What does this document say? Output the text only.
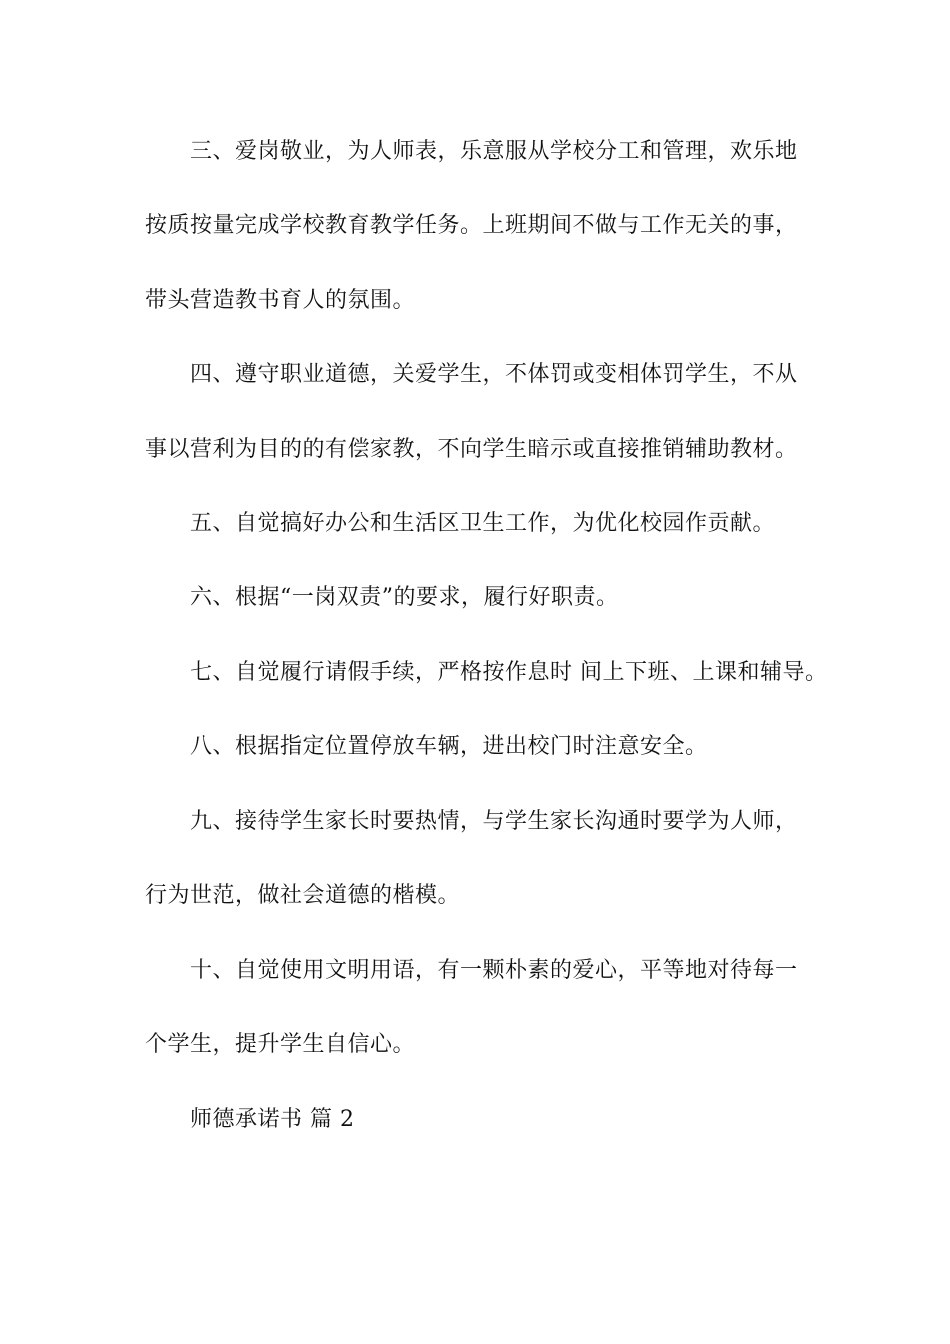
三、爱岗敬业，为人师表，乐意服从学校分工和管理，欢乐地
按质按量完成学校教育教学任务。上班期间不做与工作无关的事，
带头营造教书育人的氛围。
四、遵守职业道德，关爱学生，不体罚或变相体罚学生，不从
事以营利为目的的有偿家教，不向学生暗示或直接推销辅助教材。
五、自觉搞好办公和生活区卫生工作，为优化校园作贡献。
六、根据“一岗双责”的要求，履行好职责。
七、自觉履行请假手续，严格按作息时 间上下班、上课和辅导。
八、根据指定位置停放车辆，进出校门时注意安全。
九、接待学生家长时要热情，与学生家长沟通时要学为人师，
行为世范，做社会道德的楷模。
十、自觉使用文明用语，有一颗朴素的爱心，平等地对待每一
个学生，提升学生自信心。
师德承诺书 篇 2
